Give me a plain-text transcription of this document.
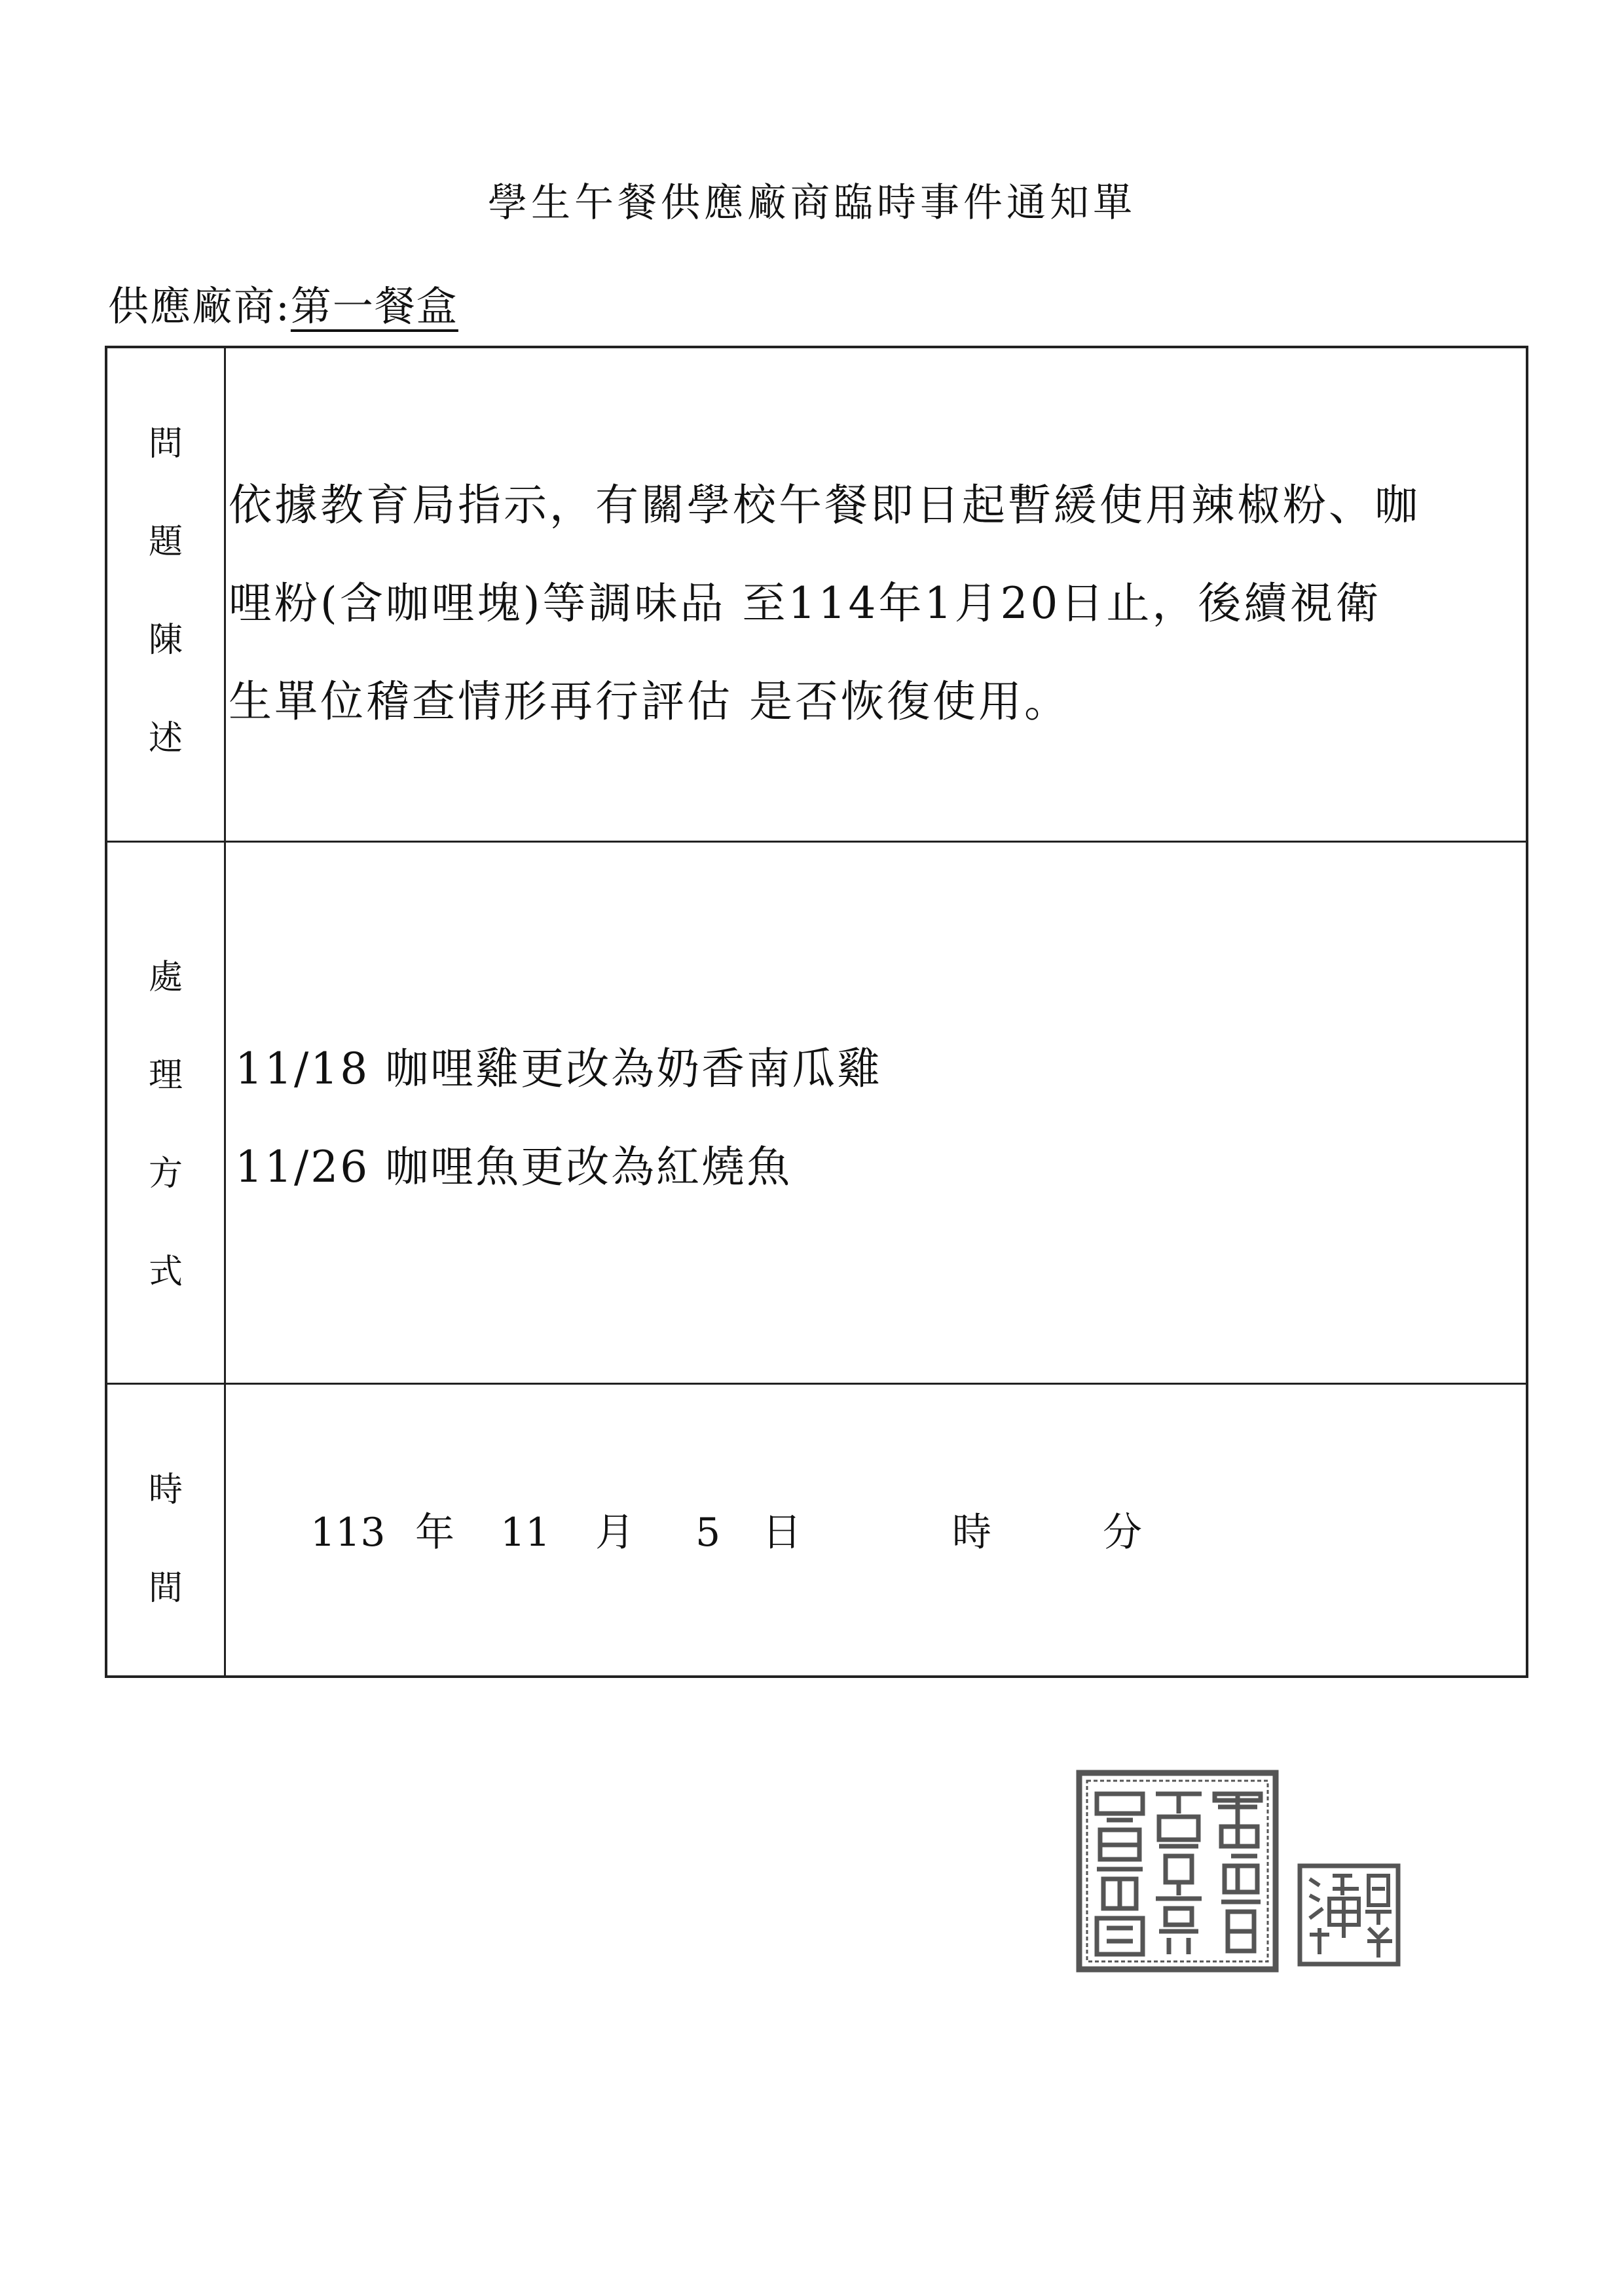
學生午餐供應廠商臨時事件通知單
供應廠商:第一餐盒
問
題
陳
述
依據教育局指示，有關學校午餐即日起暫緩使用辣椒粉、咖
哩粉(含咖哩塊)等調味品 至114年1月20日止，後續視衛
生單位稽查情形再行評估 是否恢復使用。
處
理
方
式
11/18 咖哩雞更改為奶香南瓜雞
11/26 咖哩魚更改為紅燒魚
時
間
113 年 11 月 5 日	時	分
